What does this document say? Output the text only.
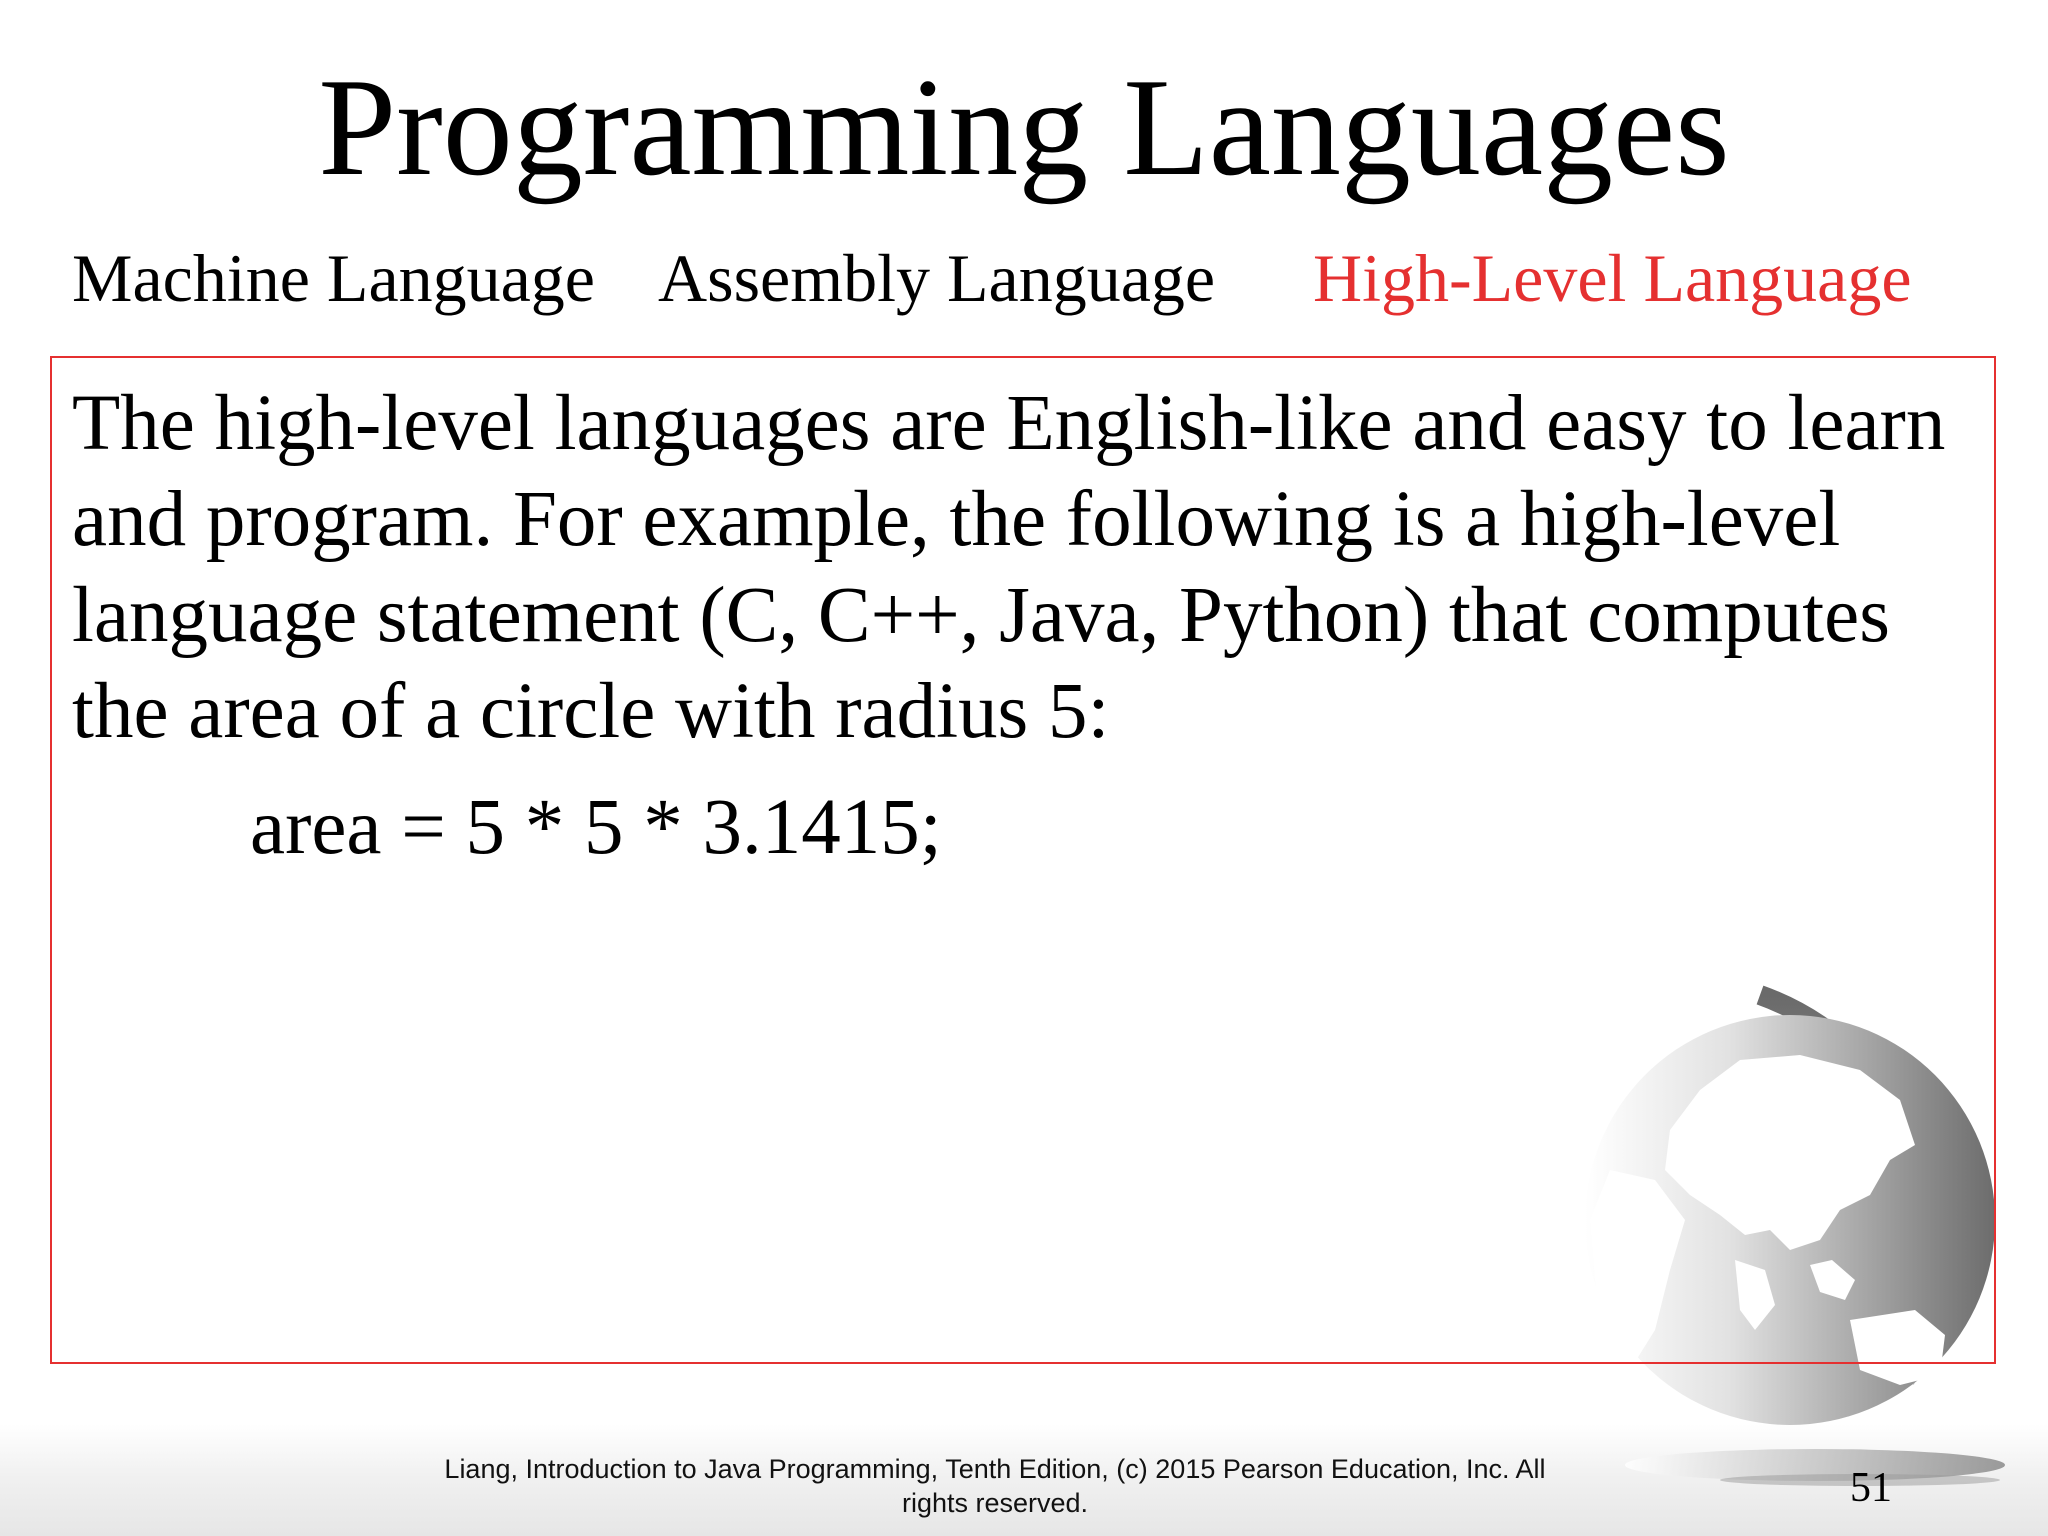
Programming Languages
Machine Language Assembly Language High-Level Language
The high-level languages are English-like and easy to learn
and program. For example, the following is a high-level
language statement (C, C++, Java, Python) that computes
the area of a circle with radius 5:
area = 5 * 5 * 3.1415;
Liang, Introduction to Java Programming, Tenth Edition, (c) 2015 Pearson Education, Inc. All
rights reserved.	51
